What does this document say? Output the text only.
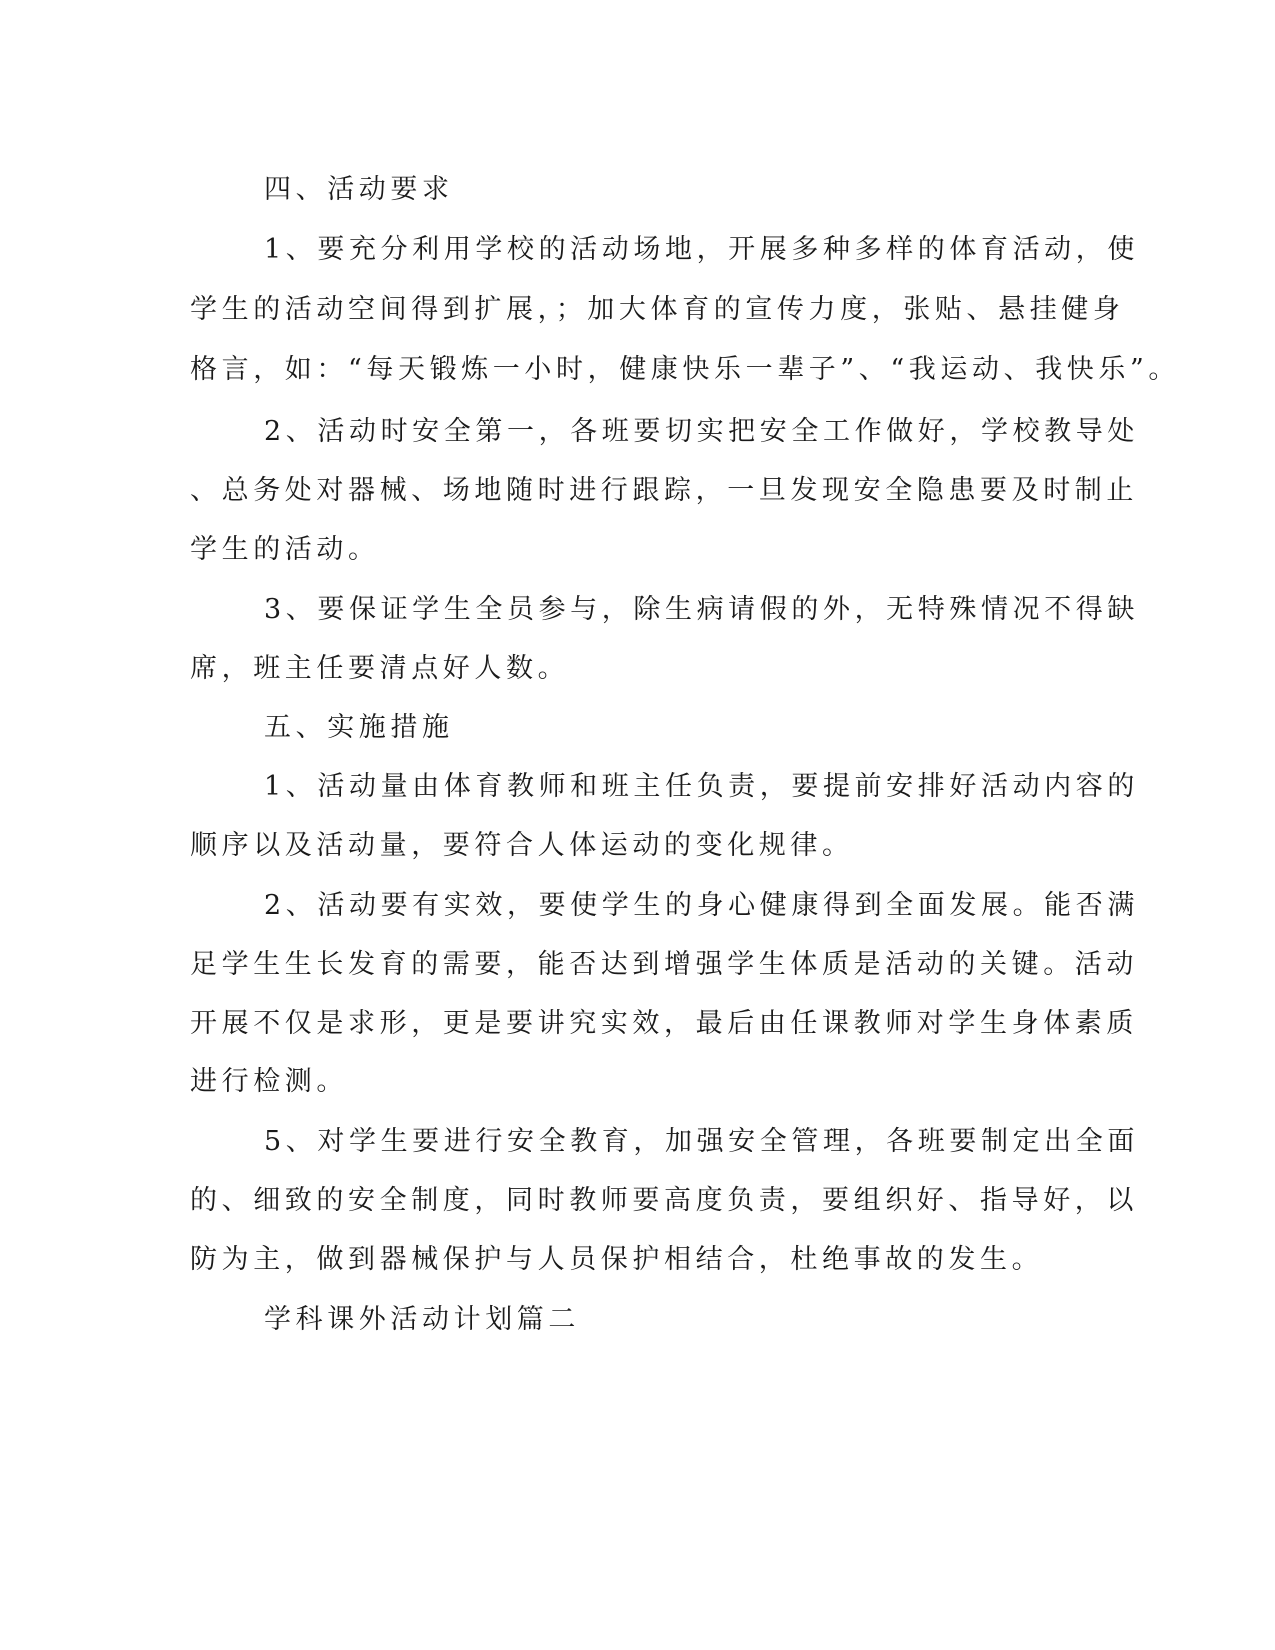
四、活动要求
1、要充分利用学校的活动场地，开展多种多样的体育活动，使
学生的活动空间得到扩展，；加大体育的宣传力度，张贴、悬挂健身
格言，如：“每天锻炼一小时，健康快乐一辈子”、“我运动、我快乐”。
2、活动时安全第一，各班要切实把安全工作做好，学校教导处
、总务处对器械、场地随时进行跟踪，一旦发现安全隐患要及时制止
学生的活动。
3、要保证学生全员参与，除生病请假的外，无特殊情况不得缺
席，班主任要清点好人数。
五、实施措施
1、活动量由体育教师和班主任负责，要提前安排好活动内容的
顺序以及活动量，要符合人体运动的变化规律。
2、活动要有实效，要使学生的身心健康得到全面发展。能否满
足学生生长发育的需要，能否达到增强学生体质是活动的关键。活动
开展不仅是求形，更是要讲究实效，最后由任课教师对学生身体素质
进行检测。
5、对学生要进行安全教育，加强安全管理，各班要制定出全面
的、细致的安全制度，同时教师要高度负责，要组织好、指导好，以
防为主，做到器械保护与人员保护相结合，杜绝事故的发生。
学科课外活动计划篇二
